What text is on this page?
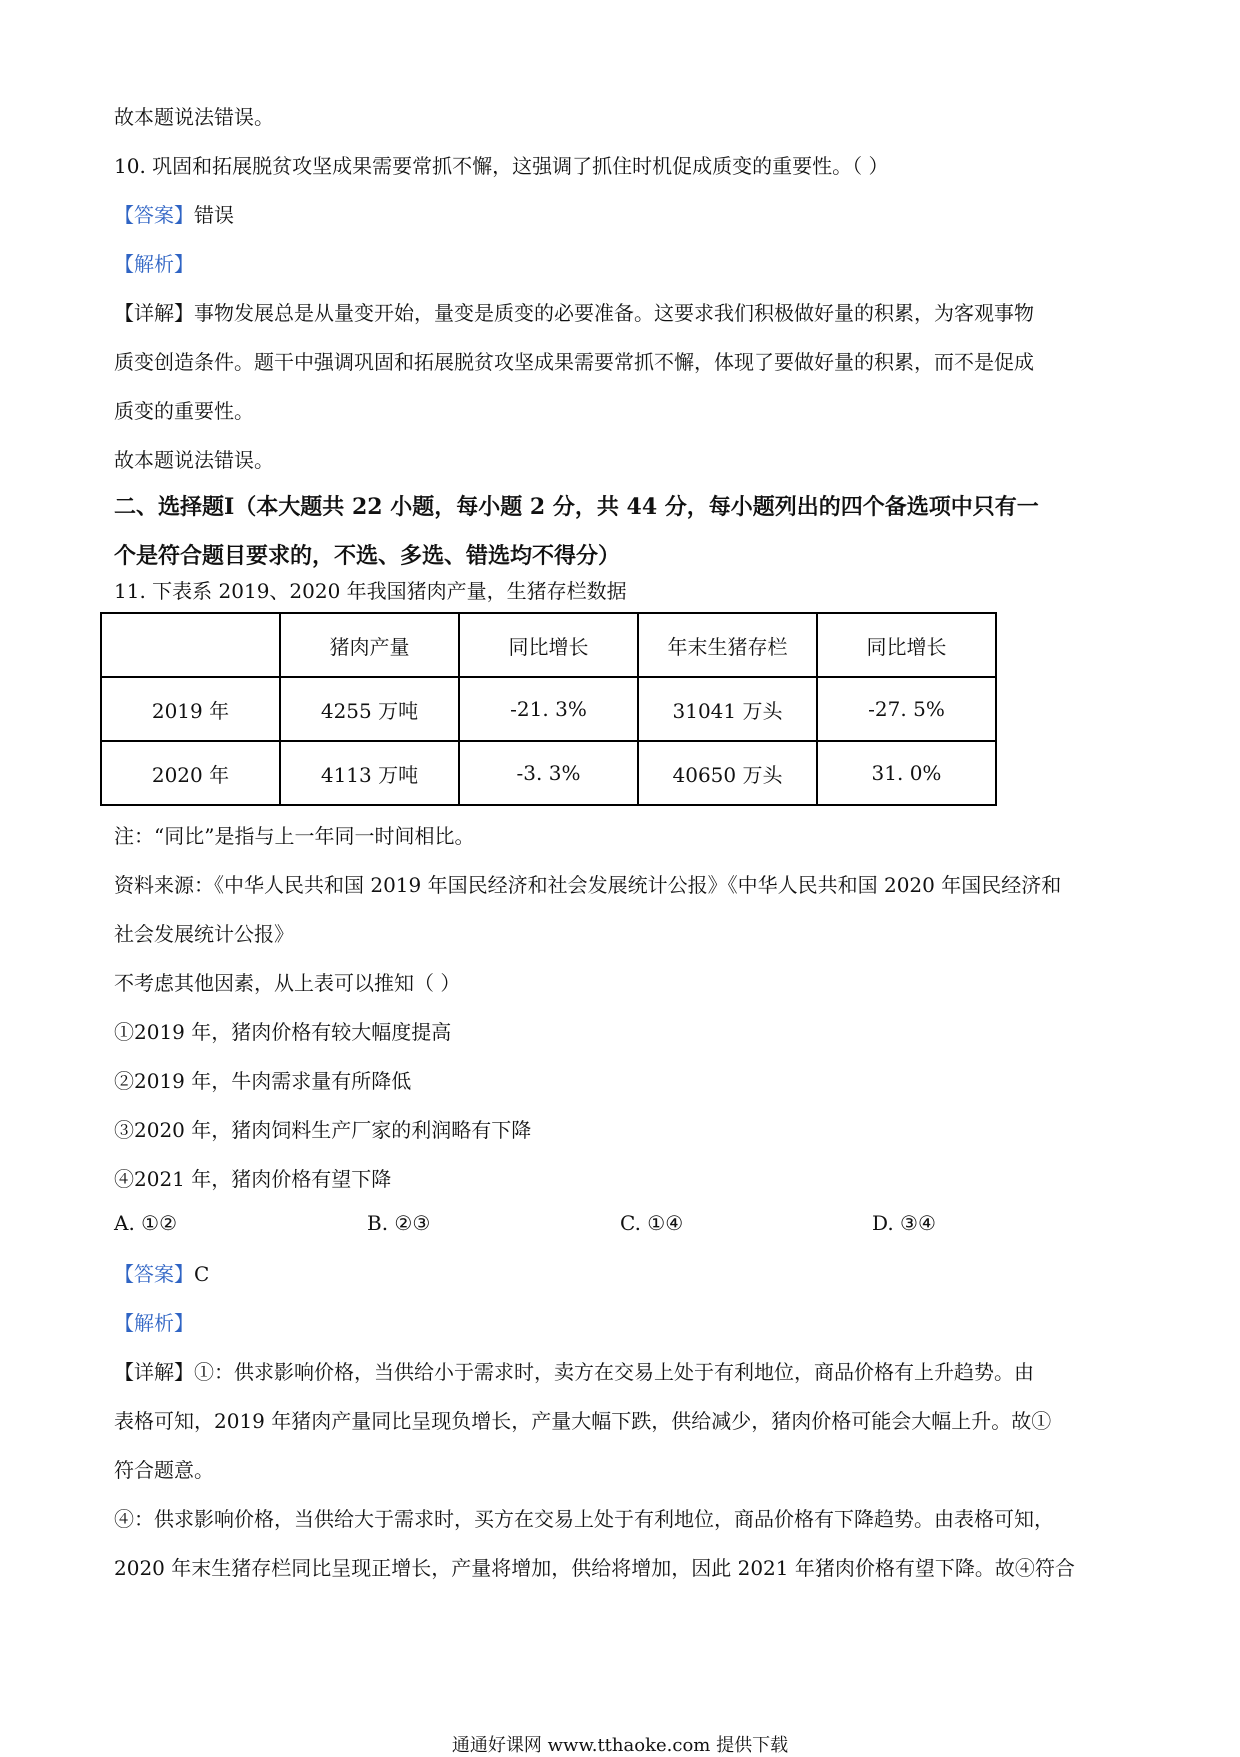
故本题说法错误。
10. 巩固和拓展脱贫攻坚成果需要常抓不懈，这强调了抓住时机促成质变的重要性。（ ）
【答案】错误
【解析】
【详解】事物发展总是从量变开始，量变是质变的必要准备。这要求我们积极做好量的积累，为客观事物
质变创造条件。题干中强调巩固和拓展脱贫攻坚成果需要常抓不懈，体现了要做好量的积累，而不是促成
质变的重要性。
故本题说法错误。
二、选择题Ⅰ（本大题共 22 小题，每小题 2 分，共 44 分，每小题列出的四个备选项中只有一
个是符合题目要求的，不选、多选、错选均不得分）
11. 下表系 2019、2020 年我国猪肉产量，生猪存栏数据
	猪肉产量	同比增长	年末生猪存栏	同比增长
2019 年	4255 万吨	-21. 3%	31041 万头	-27. 5%
2020 年	4113 万吨	-3. 3%	40650 万头	31. 0%
注：“同比”是指与上一年同一时间相比。
资料来源：《中华人民共和国 2019 年国民经济和社会发展统计公报》《中华人民共和国 2020 年国民经济和
社会发展统计公报》
不考虑其他因素，从上表可以推知（ ）
①2019 年，猪肉价格有较大幅度提高
②2019 年，牛肉需求量有所降低
③2020 年，猪肉饲料生产厂家的利润略有下降
④2021 年，猪肉价格有望下降
A. ①②	B. ②③	C. ①④	D. ③④
【答案】C
【解析】
【详解】①：供求影响价格，当供给小于需求时，卖方在交易上处于有利地位，商品价格有上升趋势。由
表格可知，2019 年猪肉产量同比呈现负增长，产量大幅下跌，供给减少，猪肉价格可能会大幅上升。故①
符合题意。
④：供求影响价格，当供给大于需求时，买方在交易上处于有利地位，商品价格有下降趋势。由表格可知，
2020 年末生猪存栏同比呈现正增长，产量将增加，供给将增加，因此 2021 年猪肉价格有望下降。故④符合
通通好课网 www.tthaoke.com 提供下载
